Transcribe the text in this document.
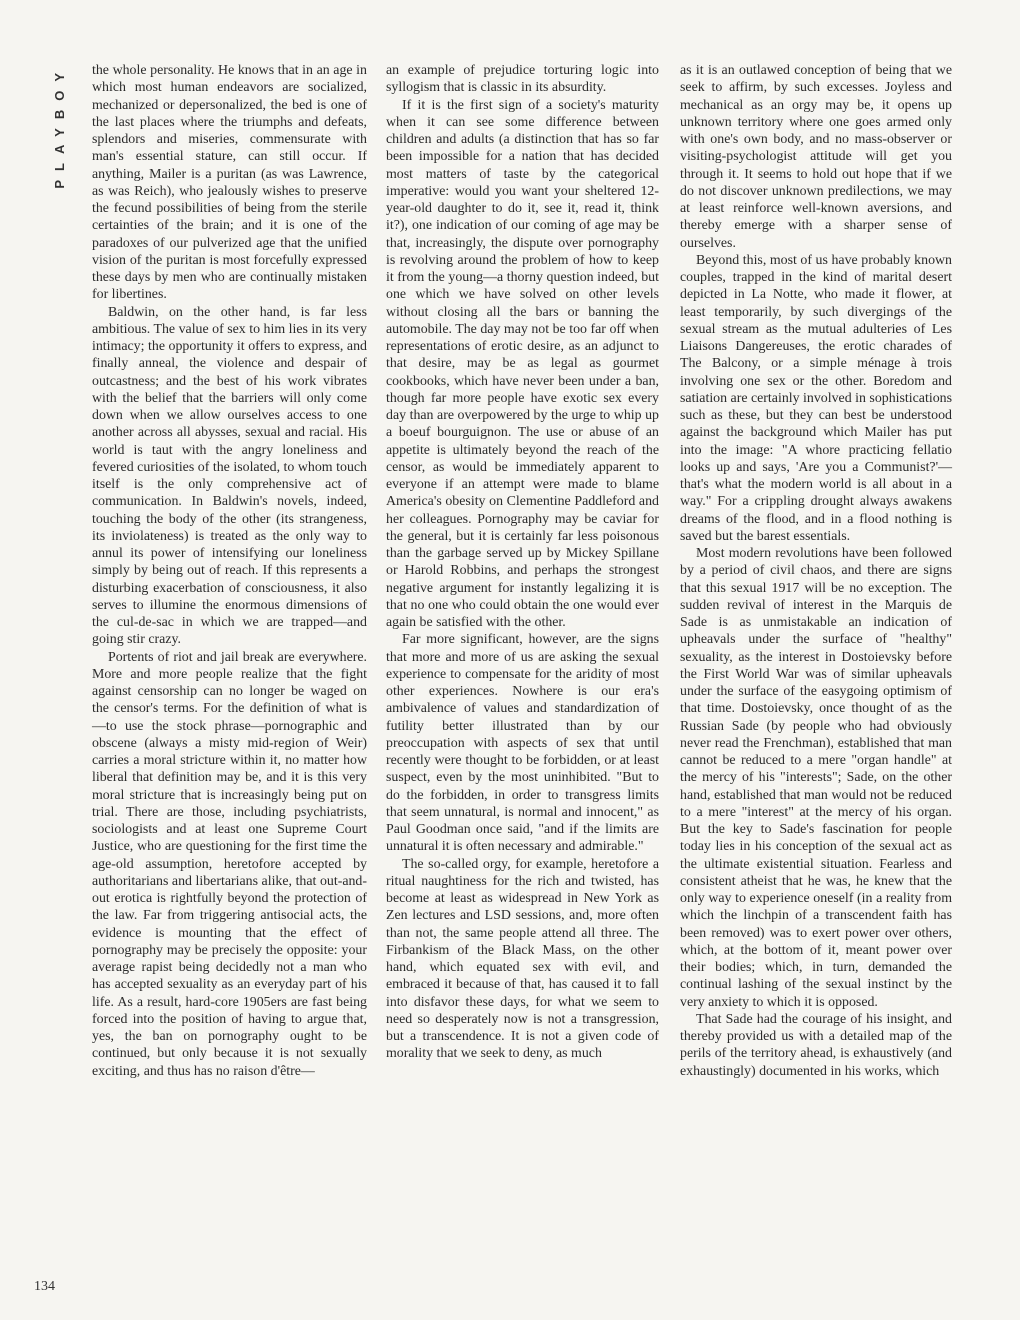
PLAYBOY
134

the whole personality. He knows that in an age in which most human endeavors are socialized, mechanized or depersonalized, the bed is one of the last places where the triumphs and defeats, splendors and miseries, commensurate with man's essential stature, can still occur. If anything, Mailer is a puritan (as was Lawrence, as was Reich), who jealously wishes to preserve the fecund possibilities of being from the sterile certainties of the brain; and it is one of the paradoxes of our pulverized age that the unified vision of the puritan is most forcefully expressed these days by men who are continually mistaken for libertines.

Baldwin, on the other hand, is far less ambitious. The value of sex to him lies in its very intimacy; the opportunity it offers to express, and finally anneal, the violence and despair of outcastness; and the best of his work vibrates with the belief that the barriers will only come down when we allow ourselves access to one another across all abysses, sexual and racial. His world is taut with the angry loneliness and fevered curiosities of the isolated, to whom touch itself is the only comprehensive act of communication. In Baldwin's novels, indeed, touching the body of the other (its strangeness, its inviolateness) is treated as the only way to annul its power of intensifying our loneliness simply by being out of reach. If this represents a disturbing exacerbation of consciousness, it also serves to illumine the enormous dimensions of the cul-de-sac in which we are trapped—and going stir crazy.

Portents of riot and jail break are everywhere. More and more people realize that the fight against censorship can no longer be waged on the censor's terms. For the definition of what is—to use the stock phrase—pornographic and obscene (always a misty mid-region of Weir) carries a moral stricture within it, no matter how liberal that definition may be, and it is this very moral stricture that is increasingly being put on trial. There are those, including psychiatrists, sociologists and at least one Supreme Court Justice, who are questioning for the first time the age-old assumption, heretofore accepted by authoritarians and libertarians alike, that out-and-out erotica is rightfully beyond the protection of the law. Far from triggering antisocial acts, the evidence is mounting that the effect of pornography may be precisely the opposite: your average rapist being decidedly not a man who has accepted sexuality as an everyday part of his life. As a result, hard-core 1905ers are fast being forced into the position of having to argue that, yes, the ban on pornography ought to be continued, but only because it is not sexually exciting, and thus has no raison d'être—

an example of prejudice torturing logic into syllogism that is classic in its absurdity.

If it is the first sign of a society's maturity when it can see some difference between children and adults (a distinction that has so far been impossible for a nation that has decided most matters of taste by the categorical imperative: would you want your sheltered 12-year-old daughter to do it, see it, read it, think it?), one indication of our coming of age may be that, increasingly, the dispute over pornography is revolving around the problem of how to keep it from the young—a thorny question indeed, but one which we have solved on other levels without closing all the bars or banning the automobile. The day may not be too far off when representations of erotic desire, as an adjunct to that desire, may be as legal as gourmet cookbooks, which have never been under a ban, though far more people have exotic sex every day than are overpowered by the urge to whip up a boeuf bourguignon. The use or abuse of an appetite is ultimately beyond the reach of the censor, as would be immediately apparent to everyone if an attempt were made to blame America's obesity on Clementine Paddleford and her colleagues. Pornography may be caviar for the general, but it is certainly far less poisonous than the garbage served up by Mickey Spillane or Harold Robbins, and perhaps the strongest negative argument for instantly legalizing it is that no one who could obtain the one would ever again be satisfied with the other.

Far more significant, however, are the signs that more and more of us are asking the sexual experience to compensate for the aridity of most other experiences. Nowhere is our era's ambivalence of values and standardization of futility better illustrated than by our preoccupation with aspects of sex that until recently were thought to be forbidden, or at least suspect, even by the most uninhibited. "But to do the forbidden, in order to transgress limits that seem unnatural, is normal and innocent," as Paul Goodman once said, "and if the limits are unnatural it is often necessary and admirable."

The so-called orgy, for example, heretofore a ritual naughtiness for the rich and twisted, has become at least as widespread in New York as Zen lectures and LSD sessions, and, more often than not, the same people attend all three. The Firbankism of the Black Mass, on the other hand, which equated sex with evil, and embraced it because of that, has caused it to fall into disfavor these days, for what we seem to need so desperately now is not a transgression, but a transcendence. It is not a given code of morality that we seek to deny, as much

as it is an outlawed conception of being that we seek to affirm, by such excesses. Joyless and mechanical as an orgy may be, it opens up unknown territory where one goes armed only with one's own body, and no mass-observer or visiting-psychologist attitude will get you through it. It seems to hold out hope that if we do not discover unknown predilections, we may at least reinforce well-known aversions, and thereby emerge with a sharper sense of ourselves.

Beyond this, most of us have probably known couples, trapped in the kind of marital desert depicted in La Notte, who made it flower, at least temporarily, by such divergings of the sexual stream as the mutual adulteries of Les Liaisons Dangereuses, the erotic charades of The Balcony, or a simple ménage à trois involving one sex or the other. Boredom and satiation are certainly involved in sophistications such as these, but they can best be understood against the background which Mailer has put into the image: "A whore practicing fellatio looks up and says, 'Are you a Communist?'—that's what the modern world is all about in a way." For a crippling drought always awakens dreams of the flood, and in a flood nothing is saved but the barest essentials.

Most modern revolutions have been followed by a period of civil chaos, and there are signs that this sexual 1917 will be no exception. The sudden revival of interest in the Marquis de Sade is as unmistakable an indication of upheavals under the surface of "healthy" sexuality, as the interest in Dostoievsky before the First World War was of similar upheavals under the surface of the easygoing optimism of that time. Dostoievsky, once thought of as the Russian Sade (by people who had obviously never read the Frenchman), established that man cannot be reduced to a mere "organ handle" at the mercy of his "interests"; Sade, on the other hand, established that man would not be reduced to a mere "interest" at the mercy of his organ. But the key to Sade's fascination for people today lies in his conception of the sexual act as the ultimate existential situation. Fearless and consistent atheist that he was, he knew that the only way to experience oneself (in a reality from which the linchpin of a transcendent faith has been removed) was to exert power over others, which, at the bottom of it, meant power over their bodies; which, in turn, demanded the continual lashing of the sexual instinct by the very anxiety to which it is opposed.

That Sade had the courage of his insight, and thereby provided us with a detailed map of the perils of the territory ahead, is exhaustively (and exhaustingly) documented in his works, which
